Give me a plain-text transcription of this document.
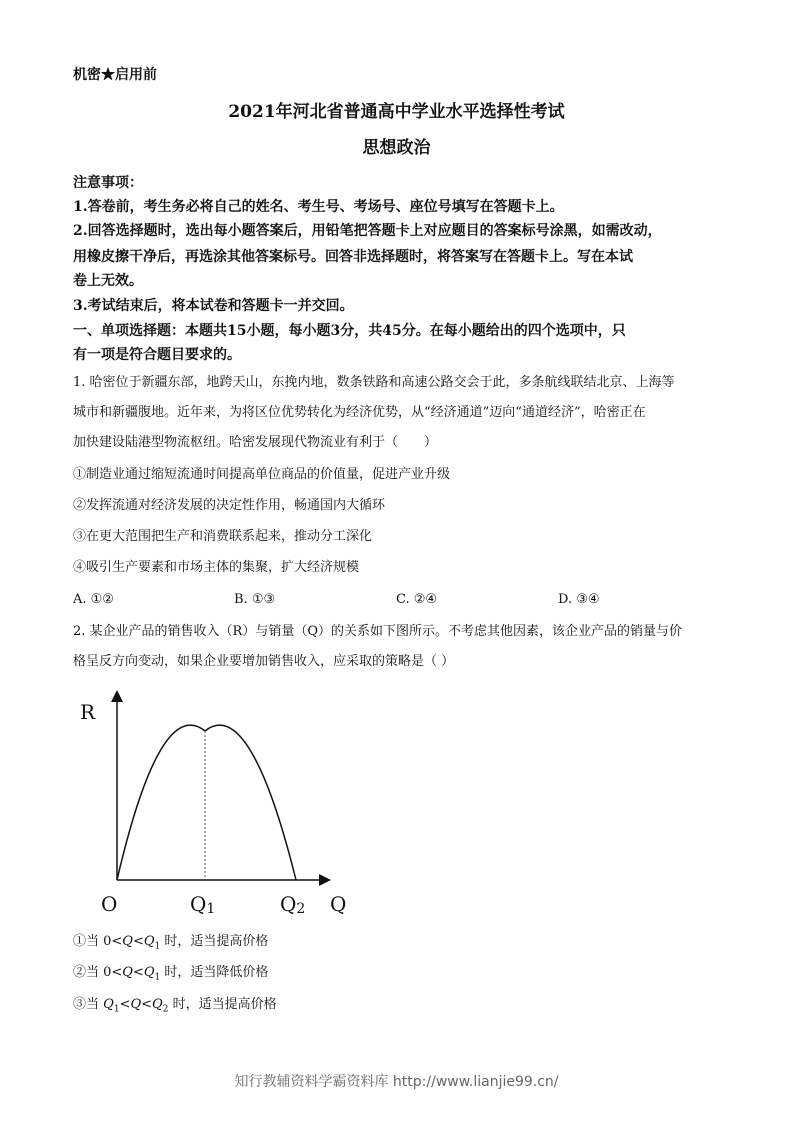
机密★启用前
2021年河北省普通高中学业水平选择性考试
思想政治
注意事项：
1.答卷前，考生务必将自己的姓名、考生号、考场号、座位号填写在答题卡上。
2.回答选择题时，选出每小题答案后，用铅笔把答题卡上对应题目的答案标号涂黑，如需改动，
用橡皮擦干净后，再选涂其他答案标号。回答非选择题时，将答案写在答题卡上。写在本试
卷上无效。
3.考试结束后，将本试卷和答题卡一并交回。
一、单项选择题：本题共15小题，每小题3分，共45分。在每小题给出的四个选项中，只
有一项是符合题目要求的。
1. 哈密位于新疆东部，地跨天山，东挽内地，数条铁路和高速公路交会于此，多条航线联结北京、上海等
城市和新疆腹地。近年来，为将区位优势转化为经济优势，从“经济通道”迈向“通道经济”，哈密正在
加快建设陆港型物流枢纽。哈密发展现代物流业有利于（　　）
①制造业通过缩短流通时间提高单位商品的价值量，促进产业升级
②发挥流通对经济发展的决定性作用，畅通国内大循环
③在更大范围把生产和消费联系起来，推动分工深化
④吸引生产要素和市场主体的集聚，扩大经济规模
A. ①②	B. ①③	C. ②④	D. ③④
2. 某企业产品的销售收入（R）与销量（Q）的关系如下图所示。不考虑其他因素，该企业产品的销量与价
格呈反方向变动，如果企业要增加销售收入，应采取的策略是（ ）
R
Q
O	Q1	Q2
①当 $0<Q<Q_1$ 时，适当提高价格
②当 $0<Q<Q_1$ 时，适当降低价格
③当 $Q_1<Q<Q_2$ 时，适当提高价格
知行教辅资料学霸资料库 http://www.lianjie99.cn/
